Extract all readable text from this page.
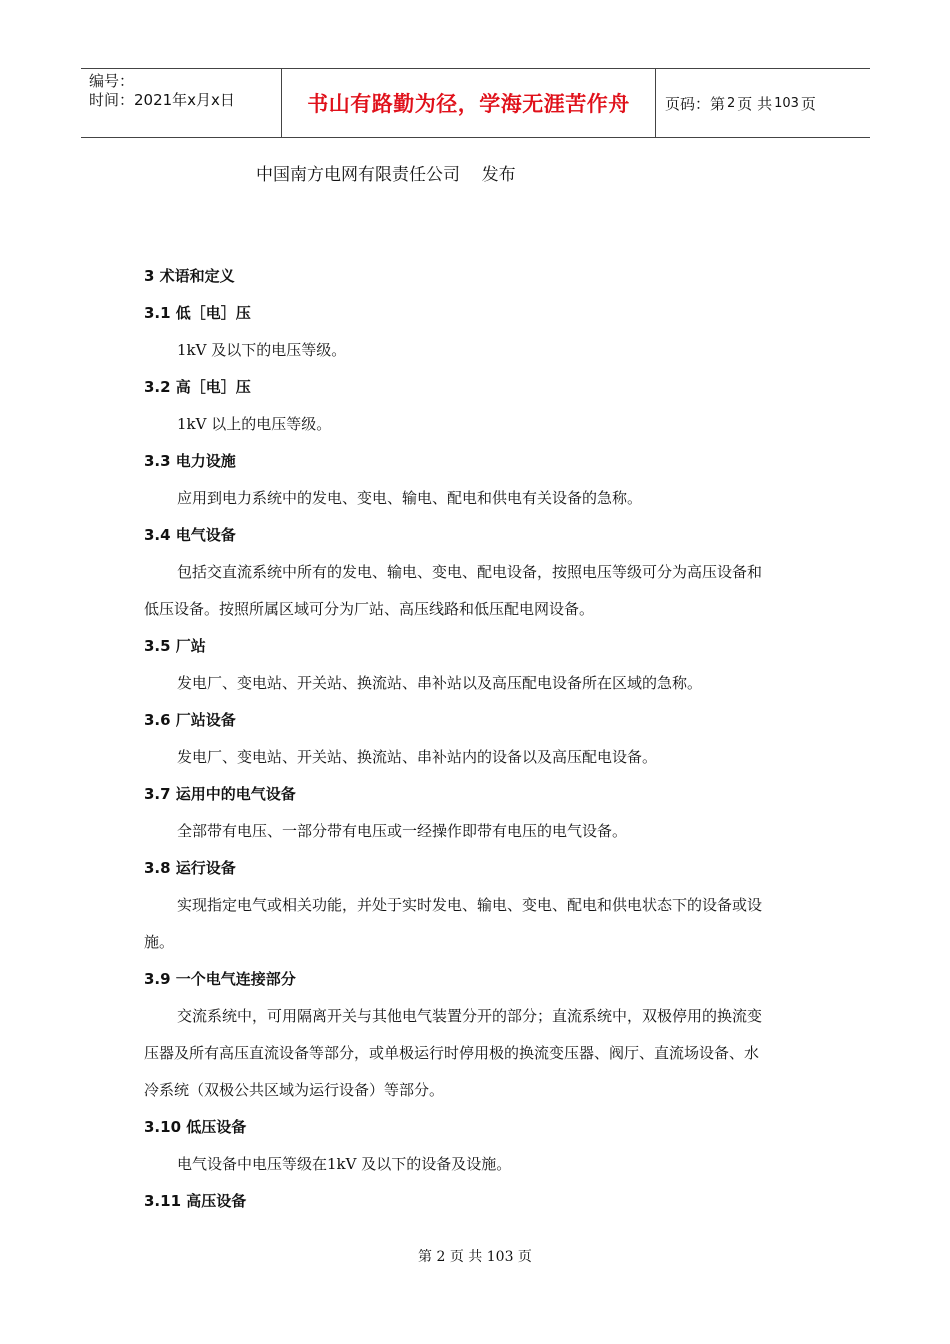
编号：
时间：2021年x月x日	书山有路勤为径，学海无涯苦作舟 页码：第 2 页 共 103 页
中国南方电网有限责任公司    发布
3 术语和定义
3.1 低［电］压
1kV 及以下的电压等级。
3.2 高［电］压
1kV 以上的电压等级。
3.3 电力设施
应用到电力系统中的发电、变电、输电、配电和供电有关设备的急称。
3.4 电气设备
包括交直流系统中所有的发电、输电、变电、配电设备，按照电压等级可分为高压设备和
低压设备。按照所属区域可分为厂站、高压线路和低压配电网设备。
3.5 厂站
发电厂、变电站、开关站、换流站、串补站以及高压配电设备所在区域的急称。
3.6 厂站设备
发电厂、变电站、开关站、换流站、串补站内的设备以及高压配电设备。
3.7 运用中的电气设备
全部带有电压、一部分带有电压或一经操作即带有电压的电气设备。
3.8 运行设备
实现指定电气或相关功能，并处于实时发电、输电、变电、配电和供电状态下的设备或设
施。
3.9 一个电气连接部分
交流系统中，可用隔离开关与其他电气装置分开的部分；直流系统中，双极停用的换流变
压器及所有高压直流设备等部分，或单极运行时停用极的换流变压器、阀厅、直流场设备、水
冷系统（双极公共区域为运行设备）等部分。
3.10 低压设备
电气设备中电压等级在1kV 及以下的设备及设施。
3.11 高压设备
第 2 页 共 103 页
